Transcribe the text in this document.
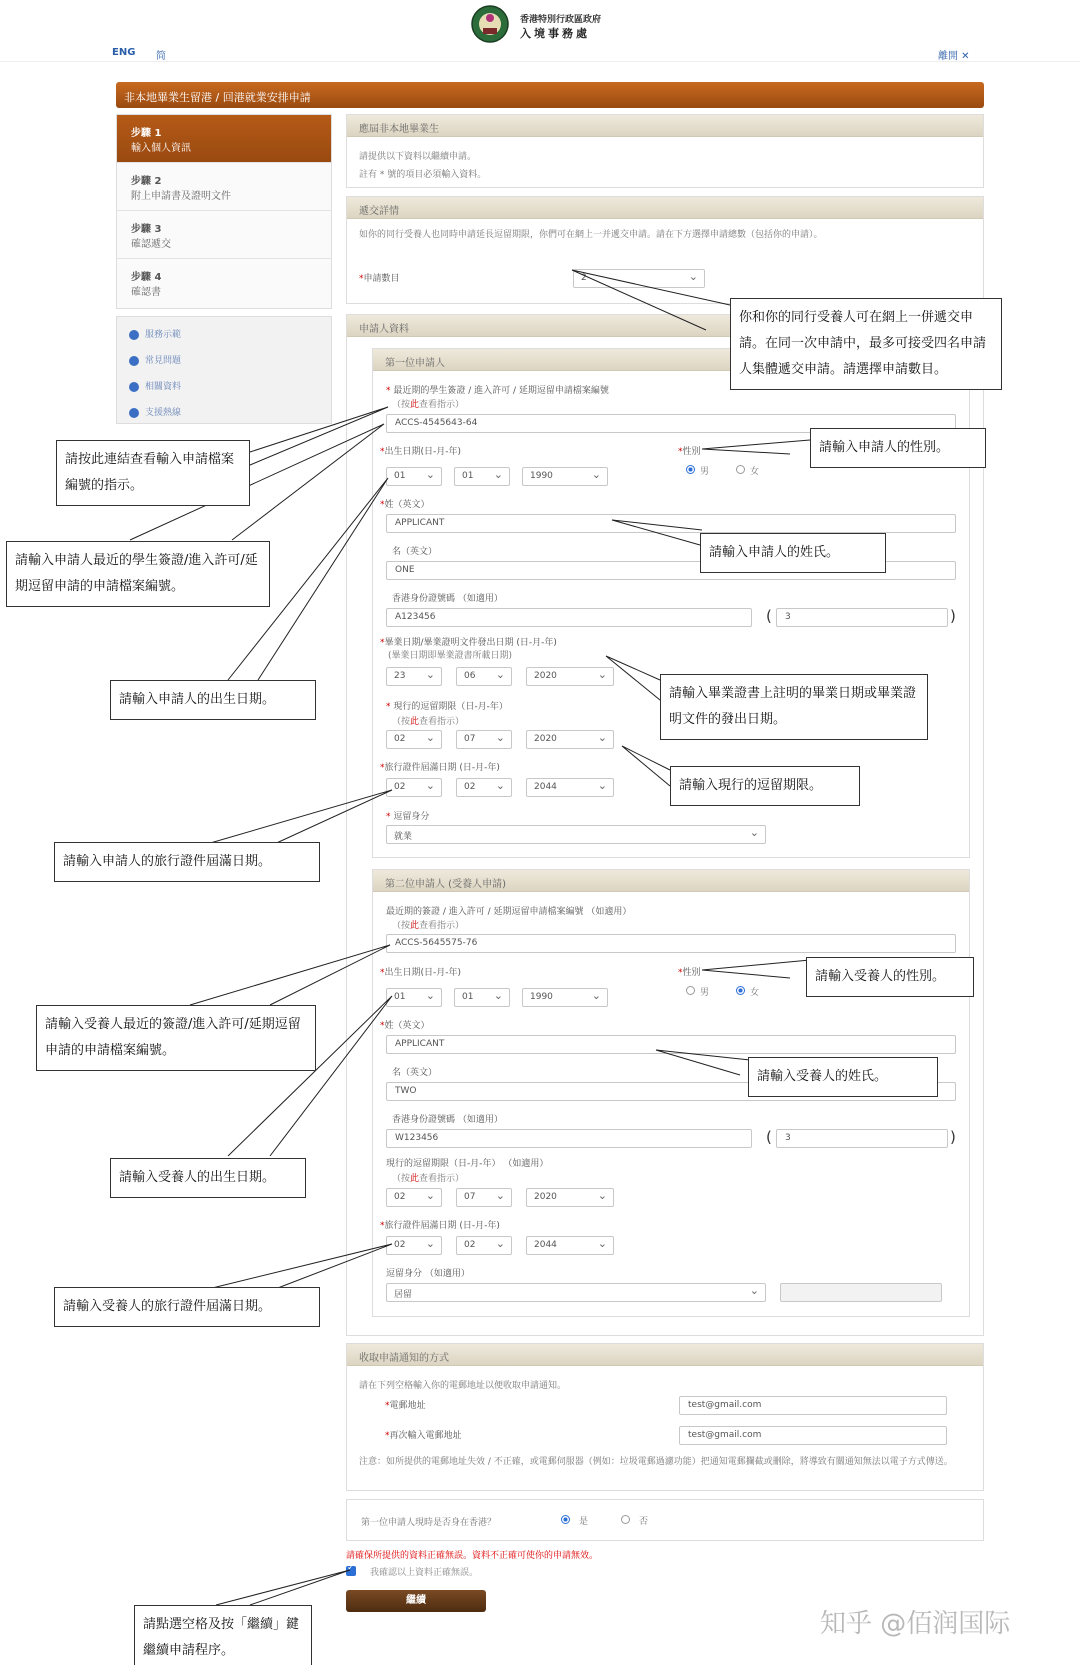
香港特別行政區政府
入境事務處
ENG 简	離開 ✕
非本地畢業生留港 / 回港就業安排申請
步驟 1
輸入個人資訊
步驟 2
附上申請書及證明文件
步驟 3
確認遞交
步驟 4
確認書
服務示範
常見問題
相關資料
支援熱線
應屆非本地畢業生
請提供以下資料以繼續申請。
註有 * 號的項目必須輸入資料。
遞交詳情
如你的同行受養人也同時申請延長逗留期限，你們可在網上一并遞交申請。請在下方選擇申請總數（包括你的申請）。
*申請數目	2 ⌄
申請人資料
第一位申請人
* 最近期的學生簽證 / 進入許可 / 延期逗留申請檔案編號
（按此查看指示）
ACCS-4545643-64
*出生日期(日-月-年)
01 ⌄	01 ⌄	1990 ⌄
*性別
男	女
*姓（英文）
APPLICANT
名（英文）
ONE
香港身份證號碼 （如適用）
A123456	(	3	)
*畢業日期/畢業證明文件發出日期 (日-月-年)
(畢業日期即畢業證書所載日期)
23 ⌄	06 ⌄	2020 ⌄
* 現行的逗留期限（日-月-年）
（按此查看指示）
02 ⌄	07 ⌄	2020 ⌄
*旅行證件屆滿日期 (日-月-年)
02 ⌄	02 ⌄	2044 ⌄
* 逗留身分
就業 ⌄
第二位申請人 (受養人申請)
最近期的簽證 / 進入許可 / 延期逗留申請檔案編號 （如適用）
（按此查看指示）
ACCS-5645575-76
*出生日期(日-月-年)
01 ⌄	01 ⌄	1990 ⌄
*性別
男	女
*姓（英文）
APPLICANT
名（英文）
TWO
香港身份證號碼 （如適用）
W123456	(	3	)
現行的逗留期限（日-月-年） （如適用）
（按此查看指示）
02 ⌄	07 ⌄	2020 ⌄
*旅行證件屆滿日期 (日-月-年)
02 ⌄	02 ⌄	2044 ⌄
逗留身分 （如適用）
居留 ⌄
收取申請通知的方式
請在下列空格輸入你的電郵地址以便收取申請通知。
*電郵地址	test@gmail.com
*再次輸入電郵地址	test@gmail.com
注意：如所提供的電郵地址失效 / 不正確，或電郵伺服器（例如：垃圾電郵過濾功能）把通知電郵攔截或刪除，將導致有關通知無法以電子方式傳送。
第一位申請人現時是否身在香港？	是	否
請確保所提供的資料正確無誤。資料不正確可使你的申請無效。
✓
我確認以上資料正確無誤。
繼續
你和你的同行受養人可在網上一併遞交申請。在同一次申請中，最多可接受四名申請人集體遞交申請。請選擇申請數目。
請按此連結查看輸入申請檔案編號的指示。
請輸入申請人最近的學生簽證/進入許可/延期逗留申請的申請檔案編號。
請輸入申請人的性別。
請輸入申請人的姓氏。
請輸入申請人的出生日期。	請輸入畢業證書上註明的畢業日期或畢業證明文件的發出日期。
請輸入現行的逗留期限。
請輸入申請人的旅行證件屆滿日期。
請輸入受養人的性別。
請輸入受養人最近的簽證/進入許可/延期逗留申請的申請檔案編號。
請輸入受養人的姓氏。
請輸入受養人的出生日期。
請輸入受養人的旅行證件屆滿日期。
請點選空格及按「繼續」鍵繼續申請程序。
知乎 @佰润国际
